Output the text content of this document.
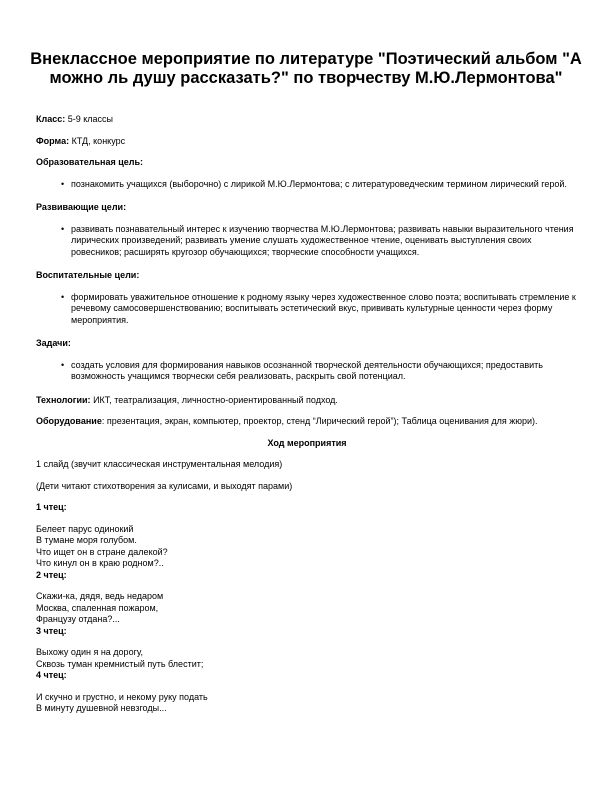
Внеклассное мероприятие по литературе "Поэтический альбом "А можно ль душу рассказать?" по творчеству М.Ю.Лермонтова"

Класс: 5-9 классы

Форма: КТД, конкурс

Образовательная цель:

• познакомить учащихся (выборочно) с лирикой М.Ю.Лермонтова; с литературоведческим термином лирический герой.

Развивающие цели:

• развивать познавательный интерес к изучению творчества М.Ю.Лермонтова; развивать навыки выразительного чтения лирических произведений; развивать умение слушать художественное чтение, оценивать выступления своих ровесников; расширять кругозор обучающихся; творческие способности учащихся.

Воспитательные цели:

• формировать уважительное отношение к родному языку через художественное слово поэта; воспитывать стремление к речевому самосовершенствованию; воспитывать эстетический вкус, прививать культурные ценности через форму мероприятия.

Задачи:

• создать условия для формирования навыков осознанной творческой деятельности обучающихся; предоставить возможность учащимся творчески себя реализовать, раскрыть свой потенциал.

Технологии: ИКТ, театрализация, личностно-ориентированный подход.

Оборудование: презентация, экран, компьютер, проектор, стенд “Лирический герой”); Таблица оценивания для жюри).

Ход мероприятия

1 слайд (звучит классическая инструментальная мелодия)

(Дети читают стихотворения за кулисами, и выходят парами)

1 чтец:

Белеет парус одинокий

В тумане моря голубом.

Что ищет он в стране далекой?

Что кинул он в краю родном?..

2 чтец:

Скажи-ка, дядя, ведь недаром

Москва, спаленная пожаром,

Французу отдана?...

3 чтец:

Выхожу один я на дорогу,

Сквозь туман кремнистый путь блестит;

4 чтец:

И скучно и грустно, и некому руку подать

В минуту душевной невзгоды...
